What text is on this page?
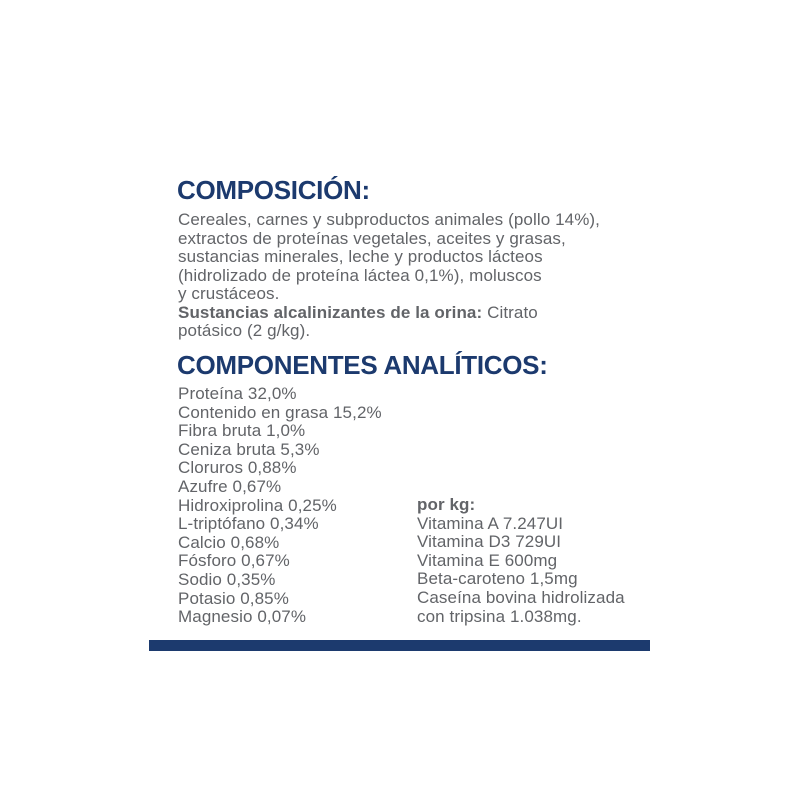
COMPOSICIÓN:
Cereales, carnes y subproductos animales (pollo 14%),
extractos de proteínas vegetales, aceites y grasas,
sustancias minerales, leche y productos lácteos
(hidrolizado de proteína láctea 0,1%), moluscos
y crustáceos.
Sustancias alcalinizantes de la orina: Citrato
potásico (2 g/kg).
COMPONENTES ANALÍTICOS:
Proteína 32,0%
Contenido en grasa 15,2%
Fibra bruta 1,0%
Ceniza bruta 5,3%
Cloruros 0,88%
Azufre 0,67%
Hidroxiprolina 0,25%
L-triptófano 0,34%
Calcio 0,68%
Fósforo 0,67%
Sodio 0,35%
Potasio 0,85%
Magnesio 0,07%
por kg:
Vitamina A 7.247UI
Vitamina D3 729UI
Vitamina E 600mg
Beta-caroteno 1,5mg
Caseína bovina hidrolizada
con tripsina 1.038mg.
